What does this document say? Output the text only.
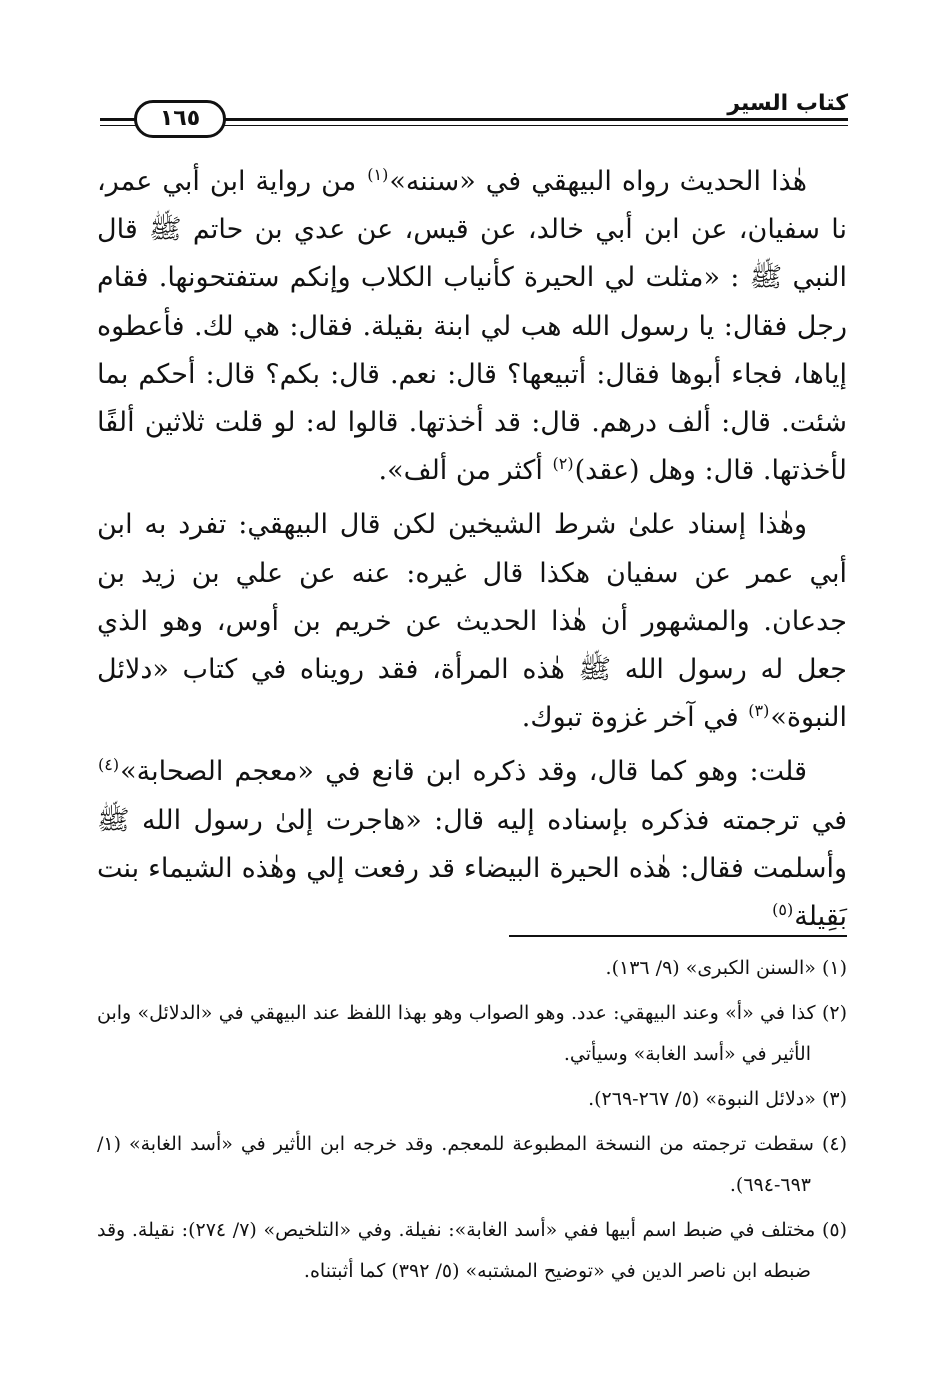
كتاب السير
١٦٥

هٰذا الحديث رواه البيهقي في «سننه»$^{(١)}$ من رواية ابن أبي عمر، نا سفيان، عن ابن أبي خالد، عن قيس، عن عدي بن حاتم ﷺ قال النبي ﷺ : «مثلت لي الحيرة كأنياب الكلاب وإنكم ستفتحونها. فقام رجل فقال: يا رسول الله هب لي ابنة بقيلة. فقال: هي لك. فأعطوه إياها، فجاء أبوها فقال: أتبيعها؟ قال: نعم. قال: بكم؟ قال: أحكم بما شئت. قال: ألف درهم. قال: قد أخذتها. قالوا له: لو قلت ثلاثين ألفًا لأخذتها. قال: وهل (عقد)$^{(٢)}$ أكثر من ألف».

وهٰذا إسناد علىٰ شرط الشيخين لكن قال البيهقي: تفرد به ابن أبي عمر عن سفيان هكذا قال غيره: عنه عن علي بن زيد بن جدعان. والمشهور أن هٰذا الحديث عن خريم بن أوس، وهو الذي جعل له رسول الله ﷺ هٰذه المرأة، فقد رويناه في كتاب «دلائل النبوة»$^{(٣)}$ في آخر غزوة تبوك.

قلت: وهو كما قال، وقد ذكره ابن قانع في «معجم الصحابة»$^{(٤)}$ في ترجمته فذكره بإسناده إليه قال: «هاجرت إلىٰ رسول الله ﷺ وأسلمت فقال: هٰذه الحيرة البيضاء قد رفعت إلي وهٰذه الشيماء بنت بَقِيلة$^{(٥)}$

(١) «السنن الكبرى» (٩/ ١٣٦).

(٢) كذا في «أ» وعند البيهقي: عدد. وهو الصواب وهو بهذا اللفظ عند البيهقي في «الدلائل» وابن الأثير في «أسد الغابة» وسيأتي.

(٣) «دلائل النبوة» (٥/ ٢٦٧-٢٦٩).

(٤) سقطت ترجمته من النسخة المطبوعة للمعجم. وقد خرجه ابن الأثير في «أسد الغابة» (١/ ٦٩٣-٦٩٤).

(٥) مختلف في ضبط اسم أبيها ففي «أسد الغابة»: نفيلة. وفي «التلخيص» (٧/ ٢٧٤): نقيلة. وقد ضبطه ابن ناصر الدين في «توضيح المشتبه» (٥/ ٣٩٢) كما أثبتناه.
